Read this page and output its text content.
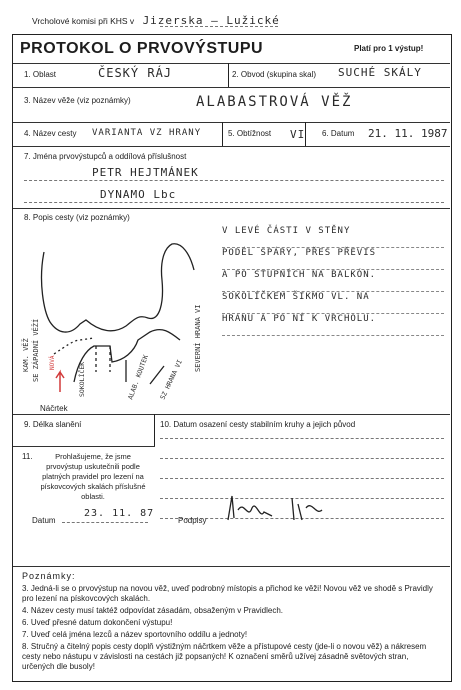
Vrcholové komisi při KHS v Jizerska – Lužické
PROTOKOL O PRVOVÝSTUPU	Platí pro 1 výstup!
1. Oblast	ČESKÝ RÁJ	2. Obvod (skupina skal) SUCHÉ SKÁLY
3. Název věže (viz poznámky)	ALABASTROVÁ VĚŽ
4. Název cesty VARIANTA VZ HRANY	5. Obtížnost VI 6. Datum 21. 11. 1987
7. Jména prvovýstupců a oddílová příslušnost
PETR HEJTMÁNEK
DYNAMO Lbc
8. Popis cesty (viz poznámky)
V LEVÉ ČÁSTI V STĚNY
PODÉL SPÁRY, PŘES PŘEVIS
A PO STUPNÍCH NA BALKÓN.
SOKOLÍČKEM ŠIKMO VL. NA
HRANU A PO NÍ K VRCHOLU.
KAM. VĚŽ SE ZÁPADNÍ VĚŽÍ	SEVERNÍ HRANA VI
SOKOLÍČEK	ALAB. KOUTEK SZ HRANA VI
NOVÁ
Náčrtek
9. Délka slanění	10. Datum osazení cesty stabilním kruhy a jejich původ
11.	Prohlašujeme, že jsme prvovýstup uskutečnili podle platných pravidel pro lezení na pískovcových skalách příslušné oblasti.
Datum
23. 11. 87
Podpisy
Poznámky:
3. Jedná-li se o prvovýstup na novou věž, uveď podrobný místopis a přichod ke věži! Novou věž ve shodě s Pravidly pro lezení na pískovcových skalách.
4. Název cesty musí taktéž odpovídat zásadám, obsaženým v Pravidlech.
6. Uveď přesné datum dokončení výstupu!
7. Uveď celá jména lezců a název sportovního oddílu a jednoty!
8. Stručný a čitelný popis cesty doplň výstižným náčrtkem věže a přístupové cesty (jde-li o novou věž) a nákresem cesty nebo nástupu v závislosti na cestách již popsaných! K označení směrů užívej zásadně světových stran, určených dle busoly!
